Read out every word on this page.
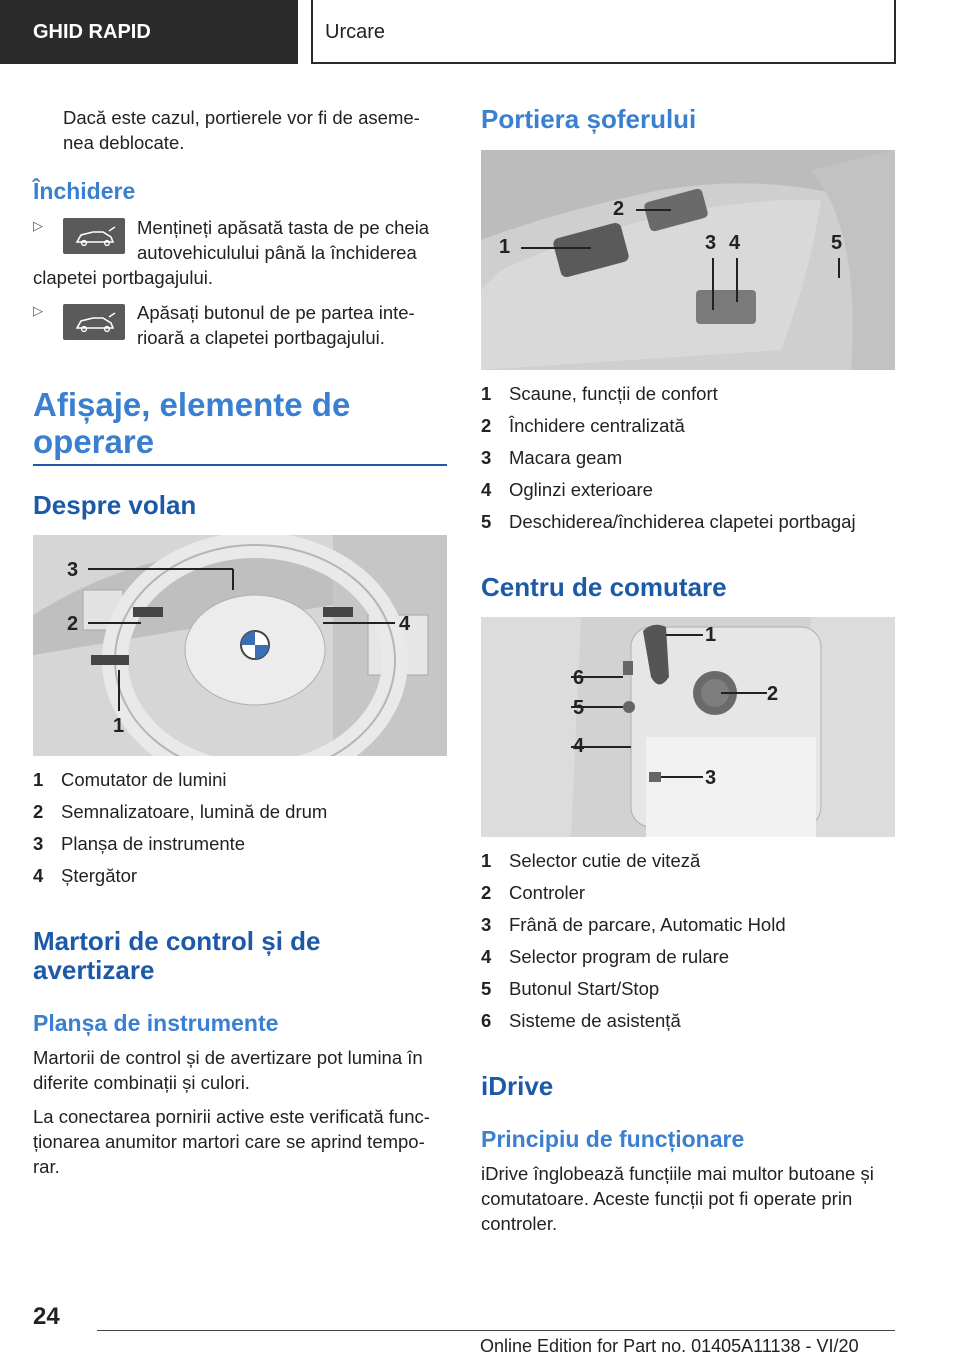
GHID RAPID	Urcare
Dacă este cazul, portierele vor fi de aseme-
nea deblocate.
Închidere
▷	Mențineți apăsată tasta de pe cheia
autovehiculului până la închiderea
clapetei portbagajului.
▷	Apăsați butonul de pe partea inte-
rioară a clapetei portbagajului.
Afișaje, elemente de
operare
Despre volan
3
2	4
1
1 Comutator de lumini
2 Semnalizatoare, lumină de drum
3 Planșa de instrumente
4 Ștergător
Martori de control și de
avertizare
Planșa de instrumente
Martorii de control și de avertizare pot lumina în
diferite combinații și culori.
La conectarea pornirii active este verificată func-
ționarea anumitor martori care se aprind tempo-
rar.
Portiera șoferului
1
2
3 4	5
1 Scaune, funcții de confort
2 Închidere centralizată
3 Macara geam
4 Oglinzi exterioare
5 Deschiderea/închiderea clapetei portbagaj
Centru de comutare
1
2
3
4
5
6
1 Selector cutie de viteză
2 Controler
3 Frână de parcare, Automatic Hold
4 Selector program de rulare
5 Butonul Start/Stop
6 Sisteme de asistență
iDrive
Principiu de funcționare
iDrive înglobează funcțiile mai multor butoane și
comutatoare. Aceste funcții pot fi operate prin
controler.
24
Online Edition for Part no. 01405A11138 - VI/20
